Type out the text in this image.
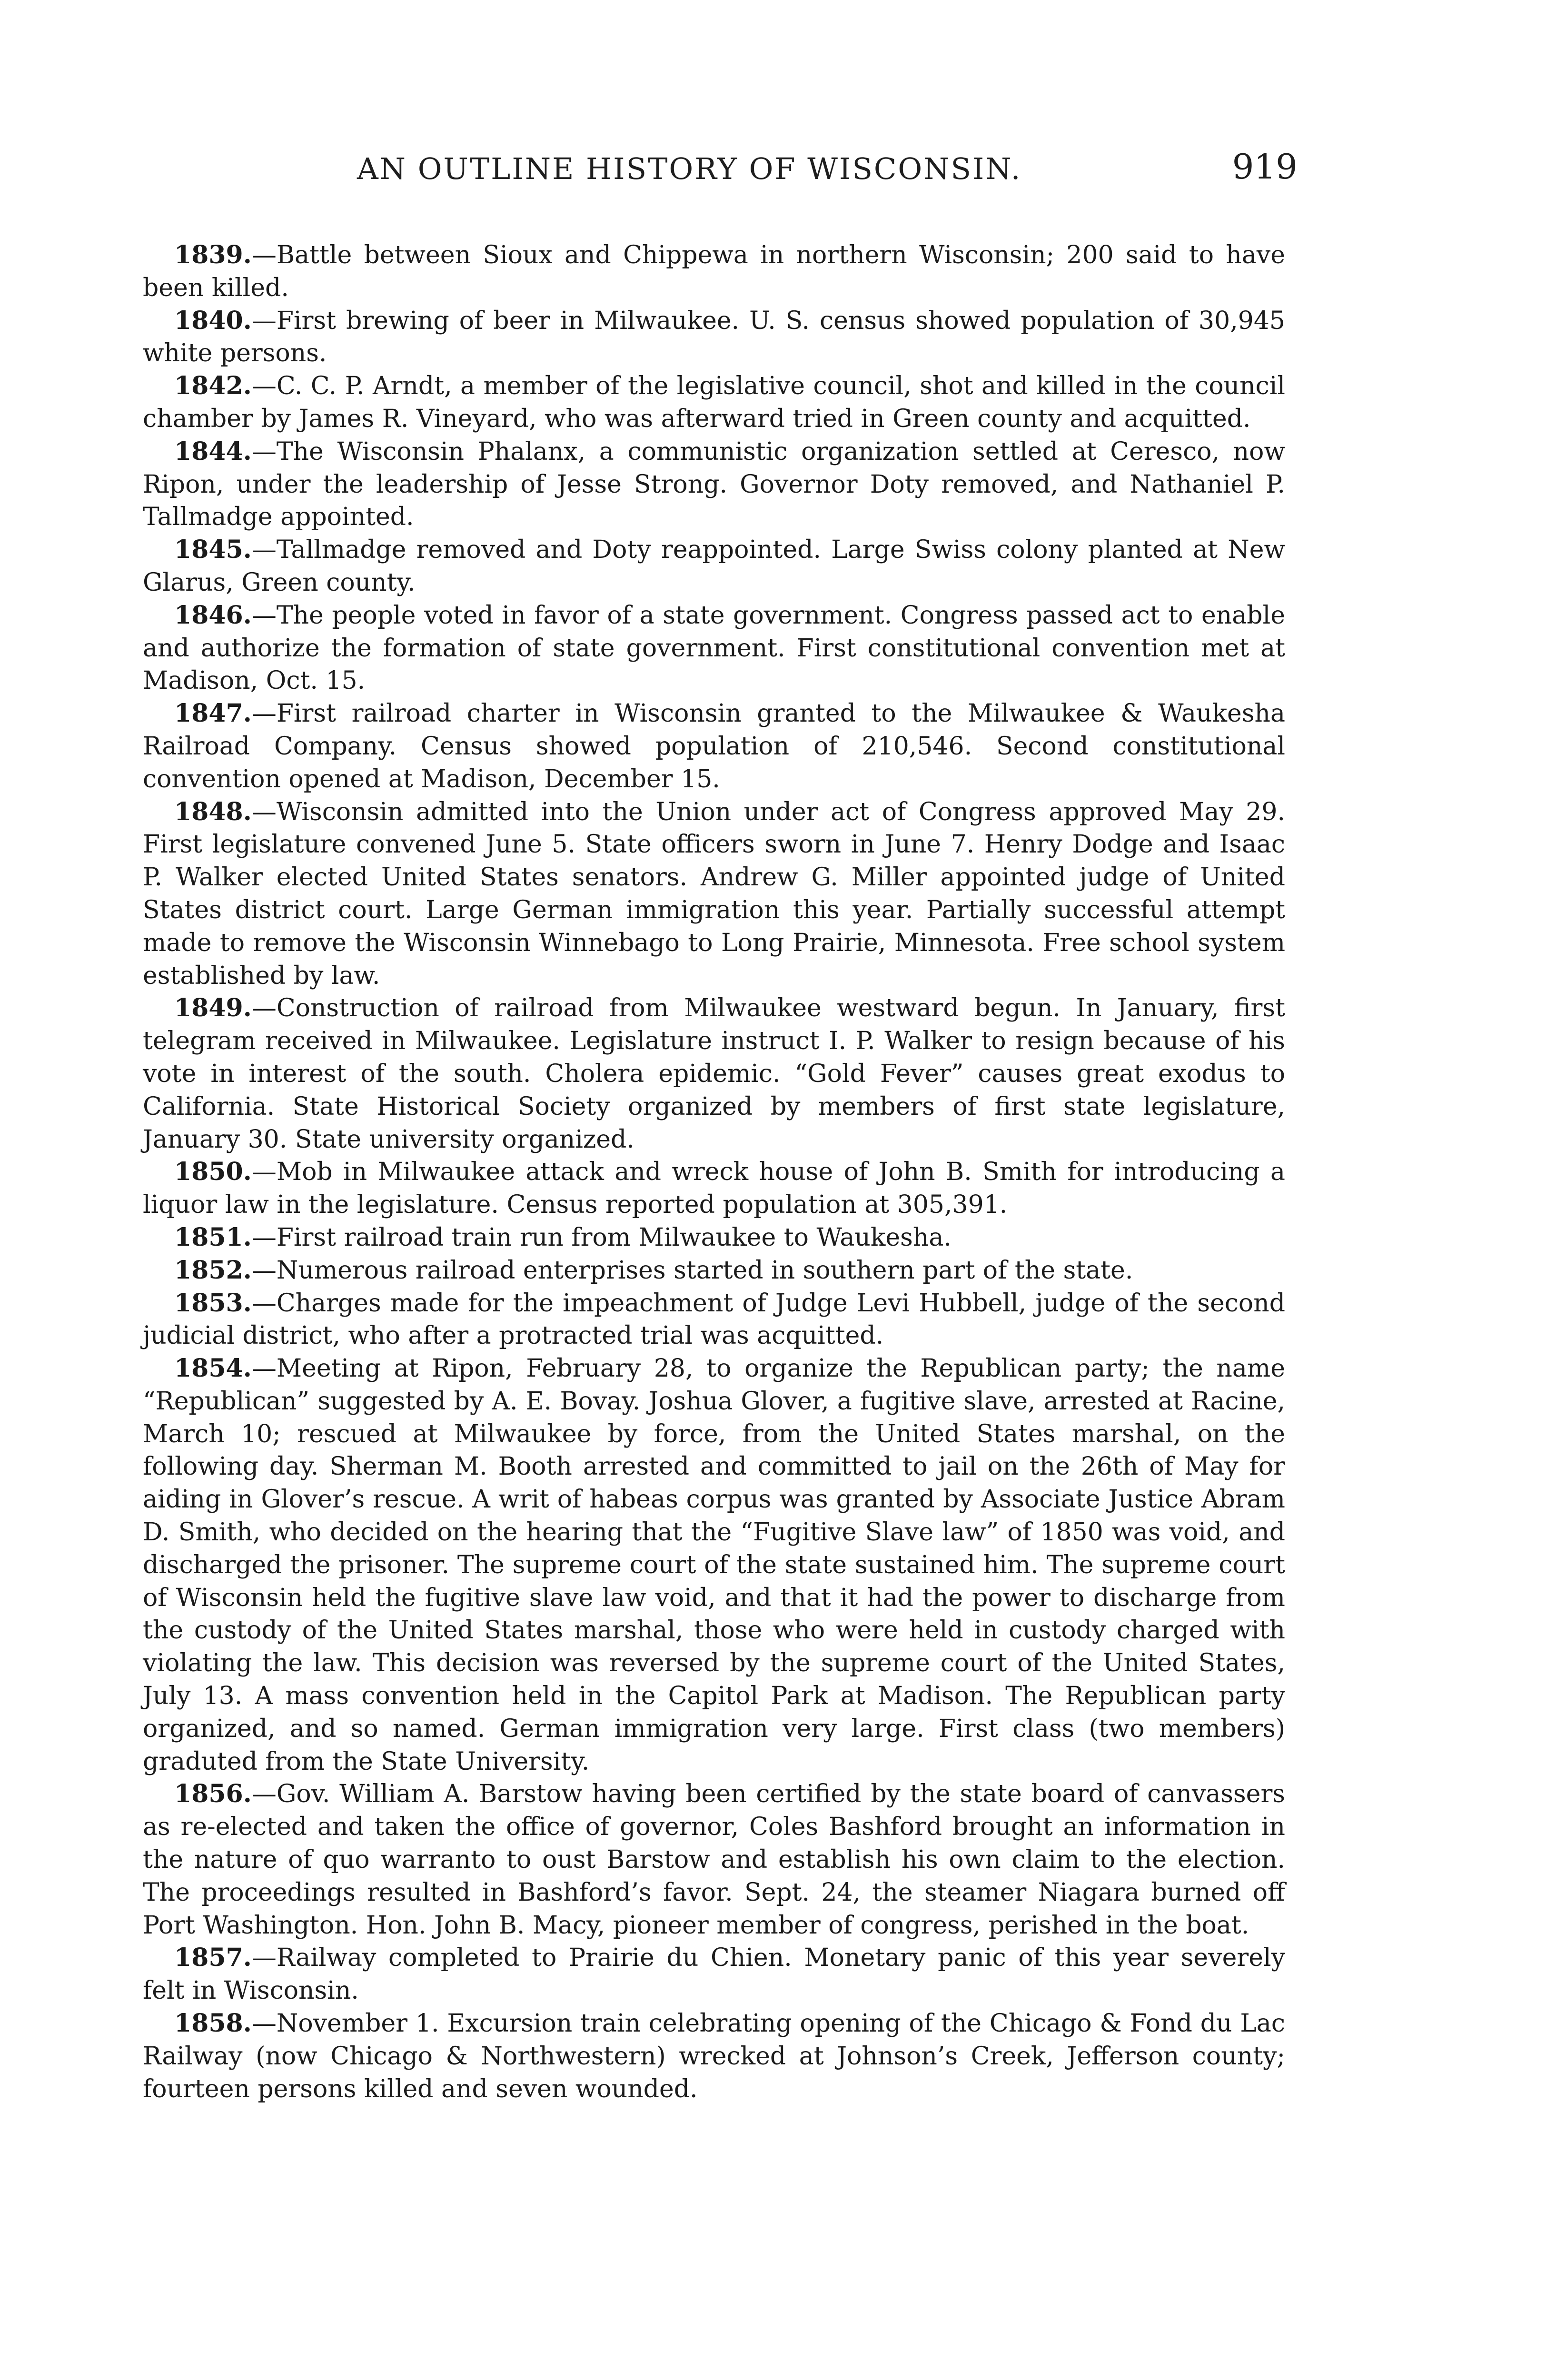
AN OUTLINE HISTORY OF WISCONSIN.	919

1839.—Battle between Sioux and Chippewa in northern Wisconsin; 200 said to have been killed.

1840.—First brewing of beer in Milwaukee. U. S. census showed population of 30,945 white persons.

1842.—C. C. P. Arndt, a member of the legislative council, shot and killed in the council chamber by James R. Vineyard, who was afterward tried in Green county and acquitted.

1844.—The Wisconsin Phalanx, a communistic organization settled at Ceresco, now Ripon, under the leadership of Jesse Strong. Governor Doty removed, and Nathaniel P. Tallmadge appointed.

1845.—Tallmadge removed and Doty reappointed. Large Swiss colony planted at New Glarus, Green county.

1846.—The people voted in favor of a state government. Congress passed act to enable and authorize the formation of state government. First constitutional convention met at Madison, Oct. 15.

1847.—First railroad charter in Wisconsin granted to the Milwaukee & Waukesha Railroad Company. Census showed population of 210,546. Second constitutional convention opened at Madison, December 15.

1848.—Wisconsin admitted into the Union under act of Congress approved May 29. First legislature convened June 5. State officers sworn in June 7. Henry Dodge and Isaac P. Walker elected United States senators. Andrew G. Miller appointed judge of United States district court. Large German immigration this year. Partially successful attempt made to remove the Wisconsin Winnebago to Long Prairie, Minnesota. Free school system established by law.

1849.—Construction of railroad from Milwaukee westward begun. In January, first telegram received in Milwaukee. Legislature instruct I. P. Walker to resign because of his vote in interest of the south. Cholera epidemic. “Gold Fever” causes great exodus to California. State Historical Society organized by members of first state legislature, January 30. State university organized.

1850.—Mob in Milwaukee attack and wreck house of John B. Smith for introducing a liquor law in the legislature. Census reported population at 305,391.

1851.—First railroad train run from Milwaukee to Waukesha.

1852.—Numerous railroad enterprises started in southern part of the state.

1853.—Charges made for the impeachment of Judge Levi Hubbell, judge of the second judicial district, who after a protracted trial was acquitted.

1854.—Meeting at Ripon, February 28, to organize the Republican party; the name “Republican” suggested by A. E. Bovay. Joshua Glover, a fugitive slave, arrested at Racine, March 10; rescued at Milwaukee by force, from the United States marshal, on the following day. Sherman M. Booth arrested and committed to jail on the 26th of May for aiding in Glover’s rescue. A writ of habeas corpus was granted by Associate Justice Abram D. Smith, who decided on the hearing that the “Fugitive Slave law” of 1850 was void, and discharged the prisoner. The supreme court of the state sustained him. The supreme court of Wisconsin held the fugitive slave law void, and that it had the power to discharge from the custody of the United States marshal, those who were held in custody charged with violating the law. This decision was reversed by the supreme court of the United States, July 13. A mass convention held in the Capitol Park at Madison. The Republican party organized, and so named. German immigration very large. First class (two members) graduted from the State University.

1856.—Gov. William A. Barstow having been certified by the state board of canvassers as re-elected and taken the office of governor, Coles Bashford brought an information in the nature of quo warranto to oust Barstow and establish his own claim to the election. The proceedings resulted in Bashford’s favor. Sept. 24, the steamer Niagara burned off Port Washington. Hon. John B. Macy, pioneer member of congress, perished in the boat.

1857.—Railway completed to Prairie du Chien. Monetary panic of this year severely felt in Wisconsin.

1858.—November 1. Excursion train celebrating opening of the Chicago & Fond du Lac Railway (now Chicago & Northwestern) wrecked at Johnson’s Creek, Jefferson county; fourteen persons killed and seven wounded.
